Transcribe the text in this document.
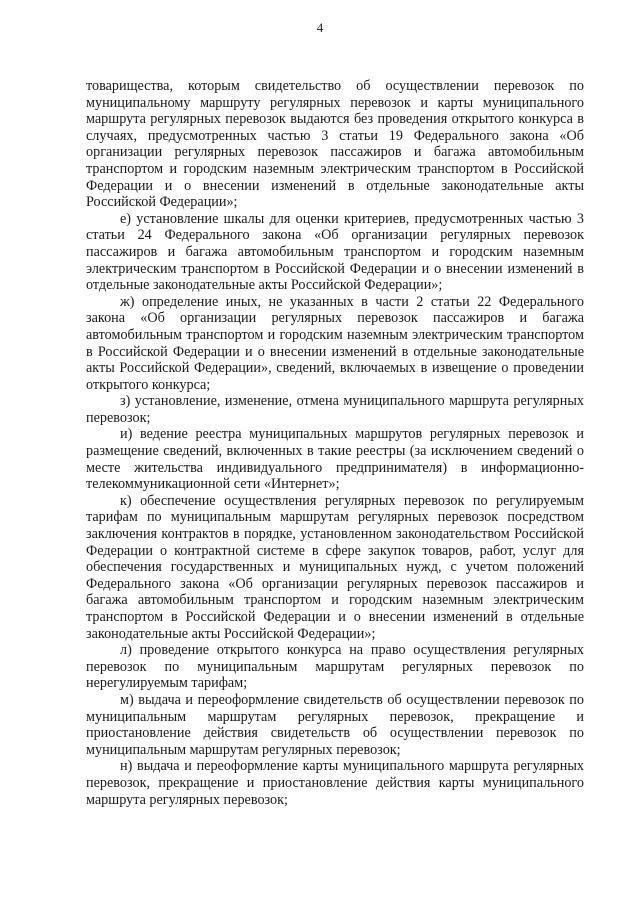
4

товарищества, которым свидетельство об осуществлении перевозок по муниципальному маршруту регулярных перевозок и карты муниципального маршрута регулярных перевозок выдаются без проведения открытого конкурса в случаях, предусмотренных частью 3 статьи 19 Федерального закона «Об организации регулярных перевозок пассажиров и багажа автомобильным транспортом и городским наземным электрическим транспортом в Российской Федерации и о внесении изменений в отдельные законодательные акты Российской Федерации»;

е) установление шкалы для оценки критериев, предусмотренных частью 3 статьи 24 Федерального закона «Об организации регулярных перевозок пассажиров и багажа автомобильным транспортом и городским наземным электрическим транспортом в Российской Федерации и о внесении изменений в отдельные законодательные акты Российской Федерации»;

ж) определение иных, не указанных в части 2 статьи 22 Федерального закона «Об организации регулярных перевозок пассажиров и багажа автомобильным транспортом и городским наземным электрическим транспортом в Российской Федерации и о внесении изменений в отдельные законодательные акты Российской Федерации», сведений, включаемых в извещение о проведении открытого конкурса;

з) установление, изменение, отмена муниципального маршрута регулярных перевозок;

и) ведение реестра муниципальных маршрутов регулярных перевозок и размещение сведений, включенных в такие реестры (за исключением сведений о месте жительства индивидуального предпринимателя) в информационно-телекоммуникационной сети «Интернет»;

к) обеспечение осуществления регулярных перевозок по регулируемым тарифам по муниципальным маршрутам регулярных перевозок посредством заключения контрактов в порядке, установленном законодательством Российской Федерации о контрактной системе в сфере закупок товаров, работ, услуг для обеспечения государственных и муниципальных нужд, с учетом положений Федерального закона «Об организации регулярных перевозок пассажиров и багажа автомобильным транспортом и городским наземным электрическим транспортом в Российской Федерации и о внесении изменений в отдельные законодательные акты Российской Федерации»;

л) проведение открытого конкурса на право осуществления регулярных перевозок по муниципальным маршрутам регулярных перевозок по нерегулируемым тарифам;

м) выдача и переоформление свидетельств об осуществлении перевозок по муниципальным маршрутам регулярных перевозок, прекращение и приостановление действия свидетельств об осуществлении перевозок по муниципальным маршрутам регулярных перевозок;

н) выдача и переоформление карты муниципального маршрута регулярных перевозок, прекращение и приостановление действия карты муниципального маршрута регулярных перевозок;
